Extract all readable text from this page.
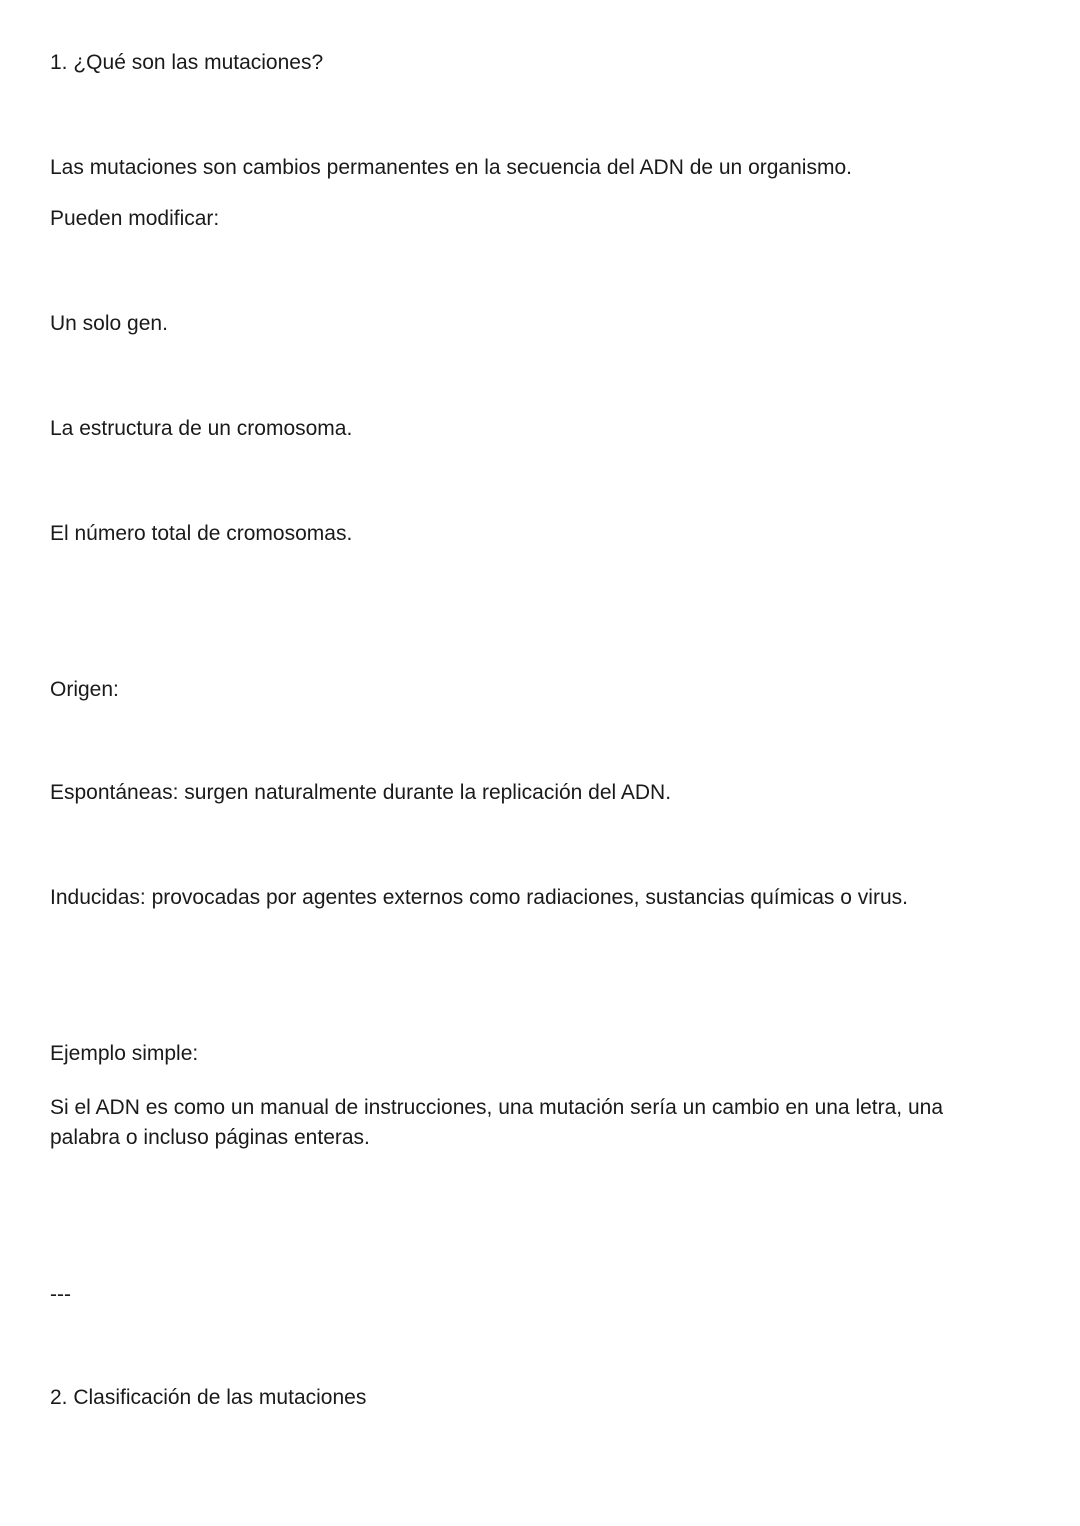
1. ¿Qué son las mutaciones?
Las mutaciones son cambios permanentes en la secuencia del ADN de un organismo.
Pueden modificar:
Un solo gen.
La estructura de un cromosoma.
El número total de cromosomas.
Origen:
Espontáneas: surgen naturalmente durante la replicación del ADN.
Inducidas: provocadas por agentes externos como radiaciones, sustancias químicas o virus.
Ejemplo simple:
Si el ADN es como un manual de instrucciones, una mutación sería un cambio en una letra, una palabra o incluso páginas enteras.
---
2. Clasificación de las mutaciones
